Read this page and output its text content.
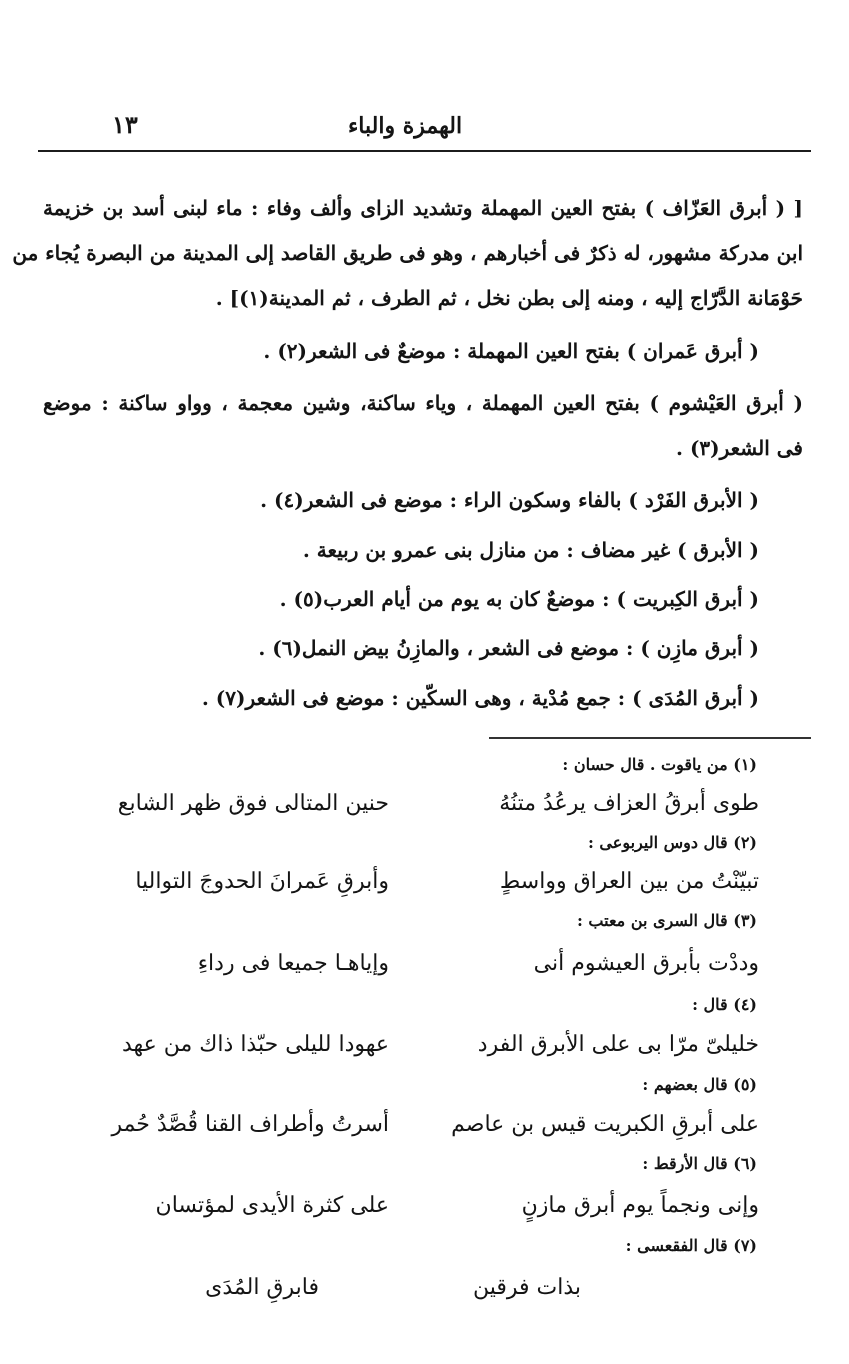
الهمزة والباء
١٣
[ ( أبرق العَزّاف ) بفتح العين المهملة وتشديد الزاى وألف وفاء : ماء لبنى أسد بن خزيمة
ابن مدركة مشهور، له ذكرٌ فى أخبارهم ، وهو فى طريق القاصد إلى المدينة من البصرة يُجاء من
حَوْمَانة الدَّرّاج إليه ، ومنه إلى بطن نخل ، ثم الطرف ، ثم المدينة(١)] .
( أبرق عَمران ) بفتح العين المهملة : موضعٌ فى الشعر(٢) .
( أبرق العَيْشوم ) بفتح العين المهملة ، وياء ساكنة، وشين معجمة ، وواو ساكنة : موضع
فى الشعر(٣) .
( الأبرق الفَرْد ) بالفاء وسكون الراء : موضع فى الشعر(٤) .
( الأبرق ) غير مضاف : من منازل بنى عمرو بن ربيعة .
( أبرق الكِبريت ) : موضعٌ كان به يوم من أيام العرب(٥) .
( أبرق مازِن ) : موضع فى الشعر ، والمازِنُ بيض النمل(٦) .
( أبرق المُدَى ) : جمع مُدْية ، وهى السكّين : موضع فى الشعر(٧) .
(١) من ياقوت . قال حسان :
طوى أبرقُ العزاف يرعُدُ متنُهُ
حنين المتالى فوق ظهر الشابع
(٢) قال دوس اليربوعى :
تبيّنْتُ من بين العراق وواسطٍ
وأبرقِ عَمرانَ الحدوجَ التواليا
(٣) قال السرى بن معتب :
وددْت بأبرق العيشوم أنى
وإياهـا جميعا فى رداءِ
(٤) قال :
خليلىّ مرّا بى على الأبرق الفرد
عهودا لليلى حبّذا ذاك من عهد
(٥) قال بعضهم :
على أبرقِ الكبريت قيس بن عاصم
أسرتُ وأطراف القنا قُصَّدٌ حُمر
(٦) قال الأرقط :
وإنى ونجماً يوم أبرق مازنٍ
على كثرة الأيدى لمؤتسان
(٧) قال الفقعسى :
بذات فرقين
فابرقِ المُدَى
